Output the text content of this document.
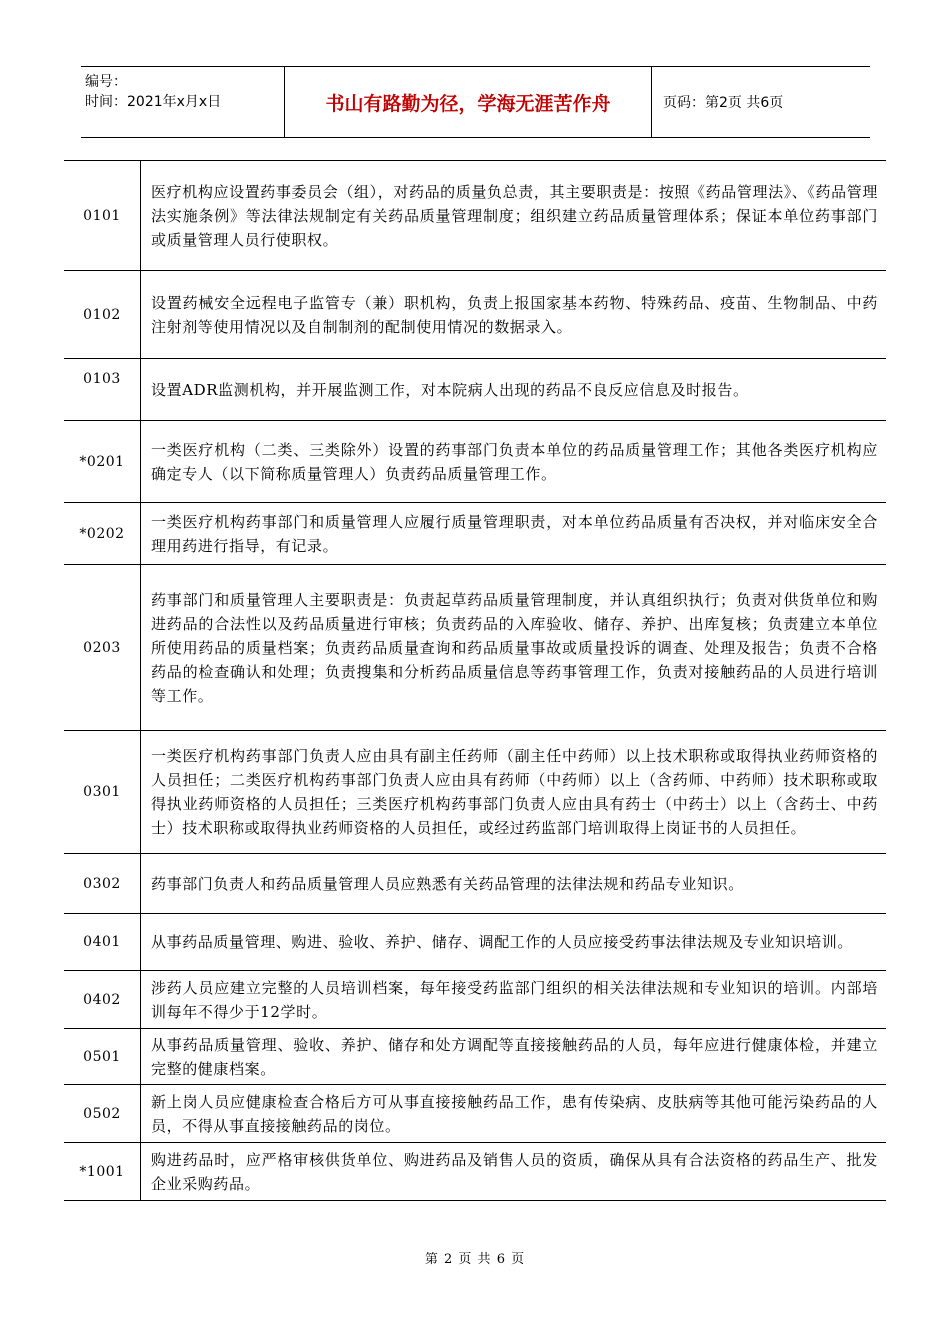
编号：
时间：2021年x月x日	书山有路勤为径，学海无涯苦作舟	页码：第2页 共6页
0101	医疗机构应设置药事委员会（组），对药品的质量负总责，其主要职责是：按照《药品管理法》、《药品管理法实施条例》等法律法规制定有关药品质量管理制度；组织建立药品质量管理体系；保证本单位药事部门或质量管理人员行使职权。
0102	设置药械安全远程电子监管专（兼）职机构，负责上报国家基本药物、特殊药品、疫苗、生物制品、中药注射剂等使用情况以及自制制剂的配制使用情况的数据录入。
0103	设置ADR监测机构，并开展监测工作，对本院病人出现的药品不良反应信息及时报告。
*0201	一类医疗机构（二类、三类除外）设置的药事部门负责本单位的药品质量管理工作；其他各类医疗机构应确定专人（以下简称质量管理人）负责药品质量管理工作。
*0202	一类医疗机构药事部门和质量管理人应履行质量管理职责，对本单位药品质量有否决权，并对临床安全合理用药进行指导，有记录。
0203	药事部门和质量管理人主要职责是：负责起草药品质量管理制度，并认真组织执行；负责对供货单位和购进药品的合法性以及药品质量进行审核；负责药品的入库验收、储存、养护、出库复核；负责建立本单位所使用药品的质量档案；负责药品质量查询和药品质量事故或质量投诉的调查、处理及报告；负责不合格药品的检查确认和处理；负责搜集和分析药品质量信息等药事管理工作，负责对接触药品的人员进行培训等工作。
0301	一类医疗机构药事部门负责人应由具有副主任药师（副主任中药师）以上技术职称或取得执业药师资格的人员担任；二类医疗机构药事部门负责人应由具有药师（中药师）以上（含药师、中药师）技术职称或取得执业药师资格的人员担任；三类医疗机构药事部门负责人应由具有药士（中药士）以上（含药士、中药士）技术职称或取得执业药师资格的人员担任，或经过药监部门培训取得上岗证书的人员担任。
0302	药事部门负责人和药品质量管理人员应熟悉有关药品管理的法律法规和药品专业知识。
0401	从事药品质量管理、购进、验收、养护、储存、调配工作的人员应接受药事法律法规及专业知识培训。
0402	涉药人员应建立完整的人员培训档案，每年接受药监部门组织的相关法律法规和专业知识的培训。内部培训每年不得少于12学时。
0501	从事药品质量管理、验收、养护、储存和处方调配等直接接触药品的人员，每年应进行健康体检，并建立完整的健康档案。
0502	新上岗人员应健康检查合格后方可从事直接接触药品工作，患有传染病、皮肤病等其他可能污染药品的人员，不得从事直接接触药品的岗位。
*1001	购进药品时，应严格审核供货单位、购进药品及销售人员的资质，确保从具有合法资格的药品生产、批发企业采购药品。
第 2 页 共 6 页
